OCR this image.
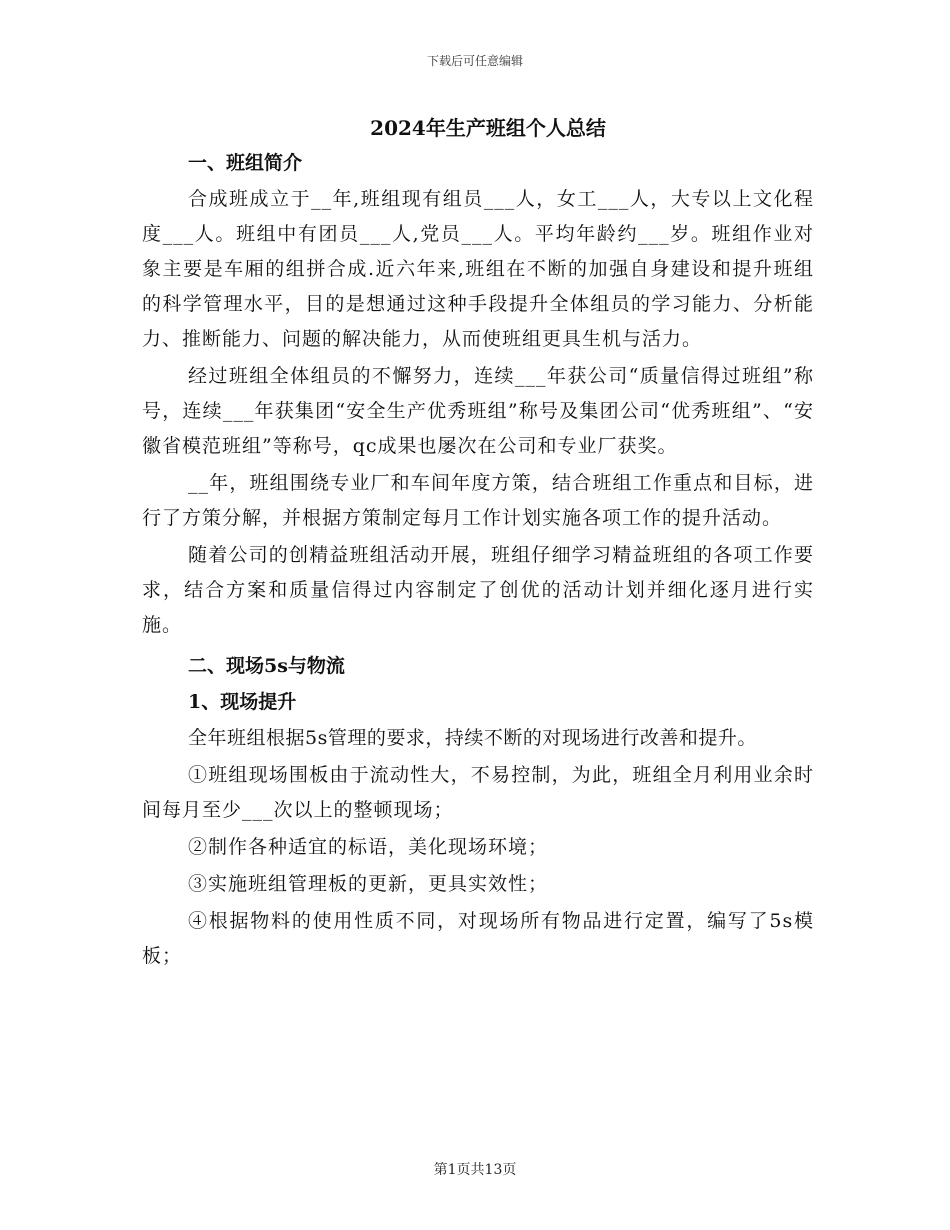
下载后可任意编辑
2024年生产班组个人总结

一、班组简介

合成班成立于__年,班组现有组员___人，女工___人，大专以上文化程度___人。班组中有团员___人,党员___人。平均年龄约___岁。班组作业对象主要是车厢的组拼合成.近六年来,班组在不断的加强自身建设和提升班组的科学管理水平，目的是想通过这种手段提升全体组员的学习能力、分析能力、推断能力、问题的解决能力，从而使班组更具生机与活力。

经过班组全体组员的不懈努力，连续___年获公司“质量信得过班组”称号，连续___年获集团“安全生产优秀班组”称号及集团公司“优秀班组”、“安徽省模范班组”等称号，qc成果也屡次在公司和专业厂获奖。

__年，班组围绕专业厂和车间年度方策，结合班组工作重点和目标，进行了方策分解，并根据方策制定每月工作计划实施各项工作的提升活动。

随着公司的创精益班组活动开展，班组仔细学习精益班组的各项工作要求，结合方案和质量信得过内容制定了创优的活动计划并细化逐月进行实施。

二、现场5s与物流

1、现场提升

全年班组根据5s管理的要求，持续不断的对现场进行改善和提升。

①班组现场围板由于流动性大，不易控制，为此，班组全月利用业余时间每月至少___次以上的整顿现场；

②制作各种适宜的标语，美化现场环境；

③实施班组管理板的更新，更具实效性；

④根据物料的使用性质不同，对现场所有物品进行定置，编写了5s模板；

第1页共13页
